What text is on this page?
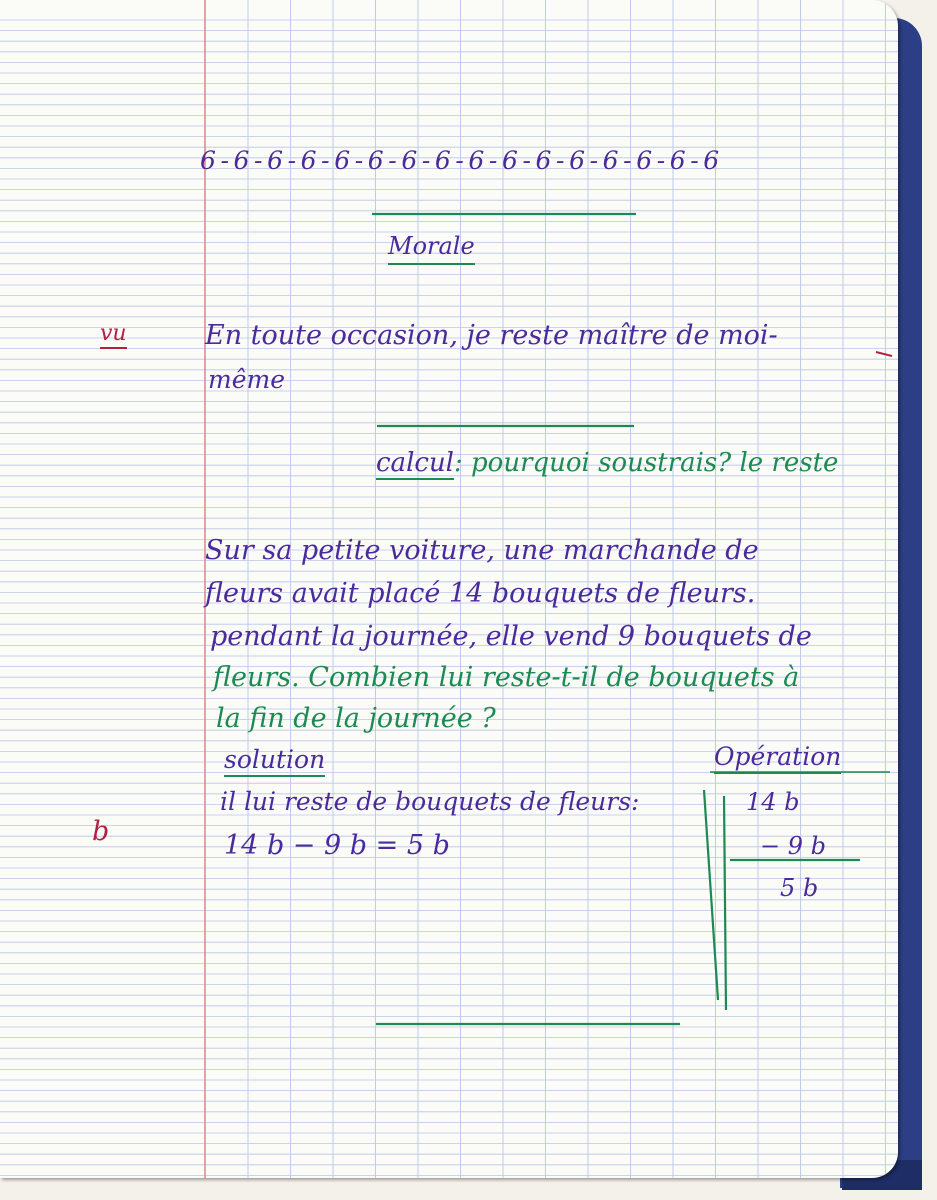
6-6-6-6-6-6-6-6-6-6-6-6-6-6-6-6

Morale

vu	En toute occasion, je reste maître de moi-

même

calcul: pourquoi soustrais? le reste

Sur sa petite voiture, une marchande de

fleurs avait placé 14 bouquets de fleurs.

pendant la journée, elle vend 9 bouquets de

fleurs. Combien lui reste-t-il de bouquets à

la fin de la journée ?

solution	Opération

il lui reste de bouquets de fleurs:

14 b − 9 b = 5 b

b

14 b

− 9 b

5 b
